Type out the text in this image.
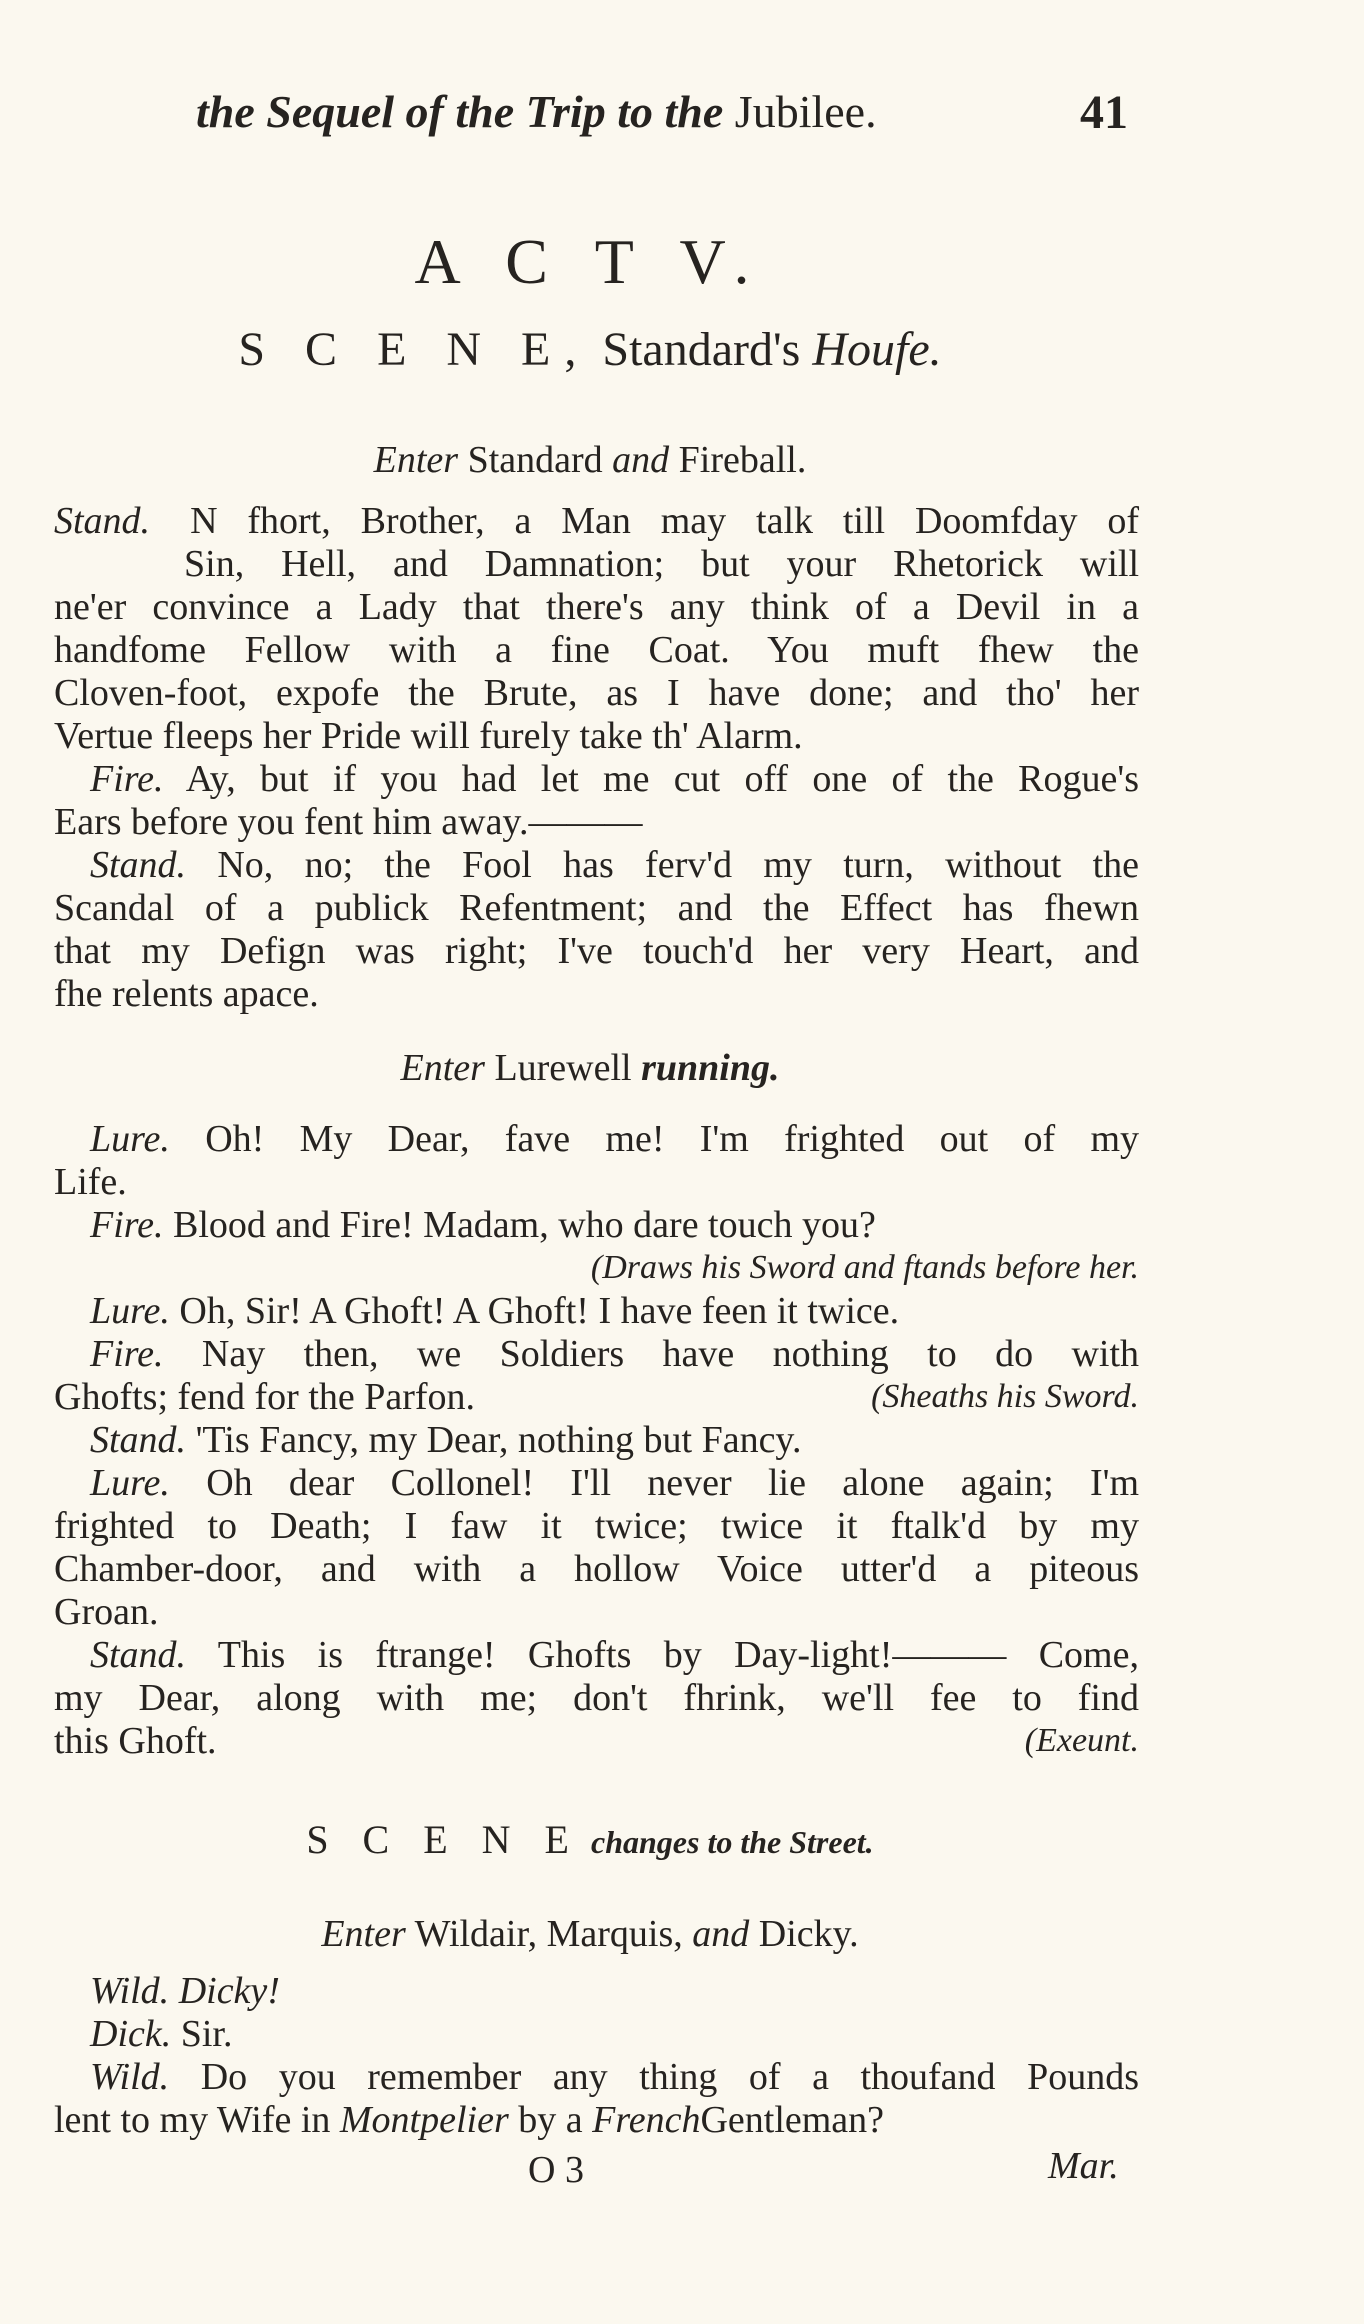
the Sequel of the Trip to the Jubilee.	41
A C T V.
S C E N E, Standard's Houfe.
Enter Standard and Fireball.
Stand. N fhort, Brother, a Man may talk till Doomfday of
Sin, Hell, and Damnation; but your Rhetorick will
ne'er convince a Lady that there's any think of a Devil in a
handfome Fellow with a fine Coat. You muft fhew the
Cloven-foot, expofe the Brute, as I have done; and tho' her
Vertue fleeps her Pride will furely take th' Alarm.
Fire. Ay, but if you had let me cut off one of the Rogue's
Ears before you fent him away.———
Stand. No, no; the Fool has ferv'd my turn, without the
Scandal of a publick Refentment; and the Effect has fhewn
that my Defign was right; I've touch'd her very Heart, and
fhe relents apace.
Enter Lurewell running.
Lure. Oh! My Dear, fave me! I'm frighted out of my
Life.
Fire. Blood and Fire! Madam, who dare touch you?
(Draws his Sword and ftands before her.
Lure. Oh, Sir! A Ghoft! A Ghoft! I have feen it twice.
Fire. Nay then, we Soldiers have nothing to do with
Ghofts; fend for the Parfon.	(Sheaths his Sword.
Stand. 'Tis Fancy, my Dear, nothing but Fancy.
Lure. Oh dear Collonel! I'll never lie alone again; I'm
frighted to Death; I faw it twice; twice it ftalk'd by my
Chamber-door, and with a hollow Voice utter'd a piteous
Groan.
Stand. This is ftrange! Ghofts by Day-light!——— Come,
my Dear, along with me; don't fhrink, we'll fee to find
this Ghoft.	(Exeunt.
S C E N E changes to the Street.
Enter Wildair, Marquis, and Dicky.
Wild. Dicky!
Dick. Sir.
Wild. Do you remember any thing of a thoufand Pounds
lent to my Wife in Montpelier by a FrenchGentleman?
O 3	Mar.
